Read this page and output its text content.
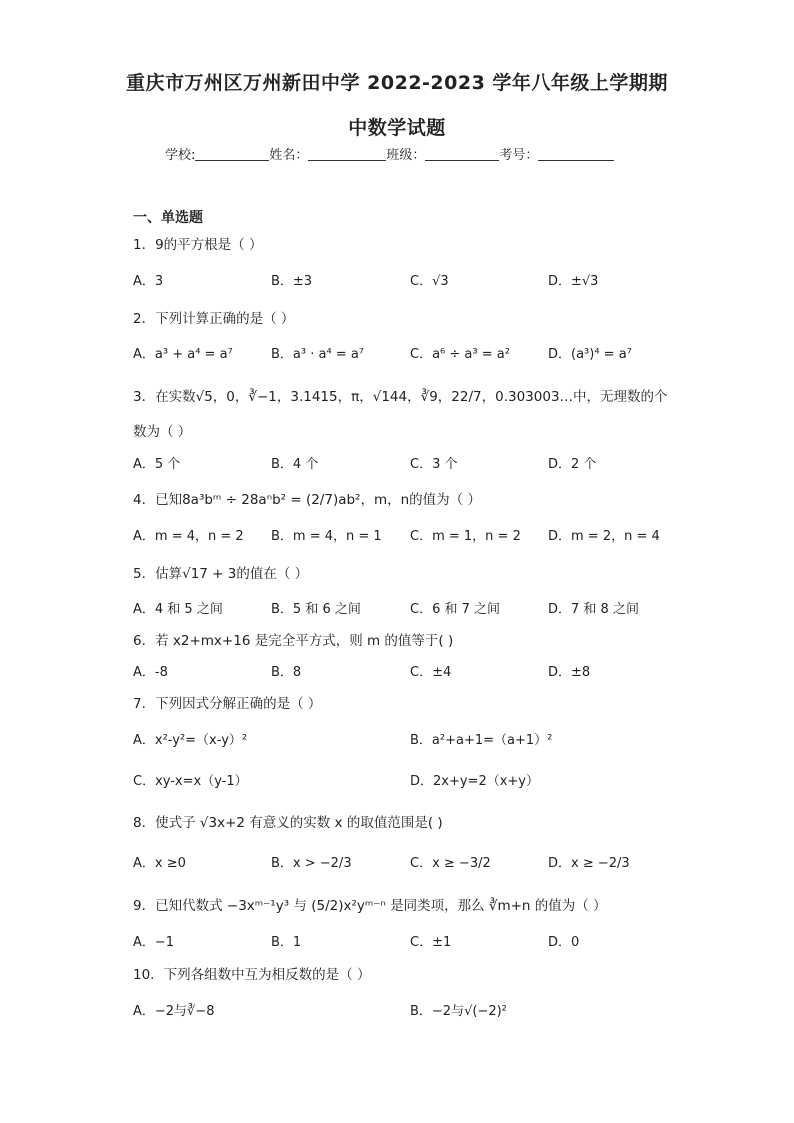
重庆市万州区万州新田中学 2022-2023 学年八年级上学期期
中数学试题
学校:	姓名：	班级：	考号：
一、单选题
1．9的平方根是（ ）
A．3	B．±3	C．√3	D．±√3
2．下列计算正确的是（ ）
A．a³ + a⁴ = a⁷	B．a³ · a⁴ = a⁷	C．a⁶ ÷ a³ = a²	D．(a³)⁴ = a⁷
3．在实数√5，0，∛−1，3.1415，π，√144，∛9，22/7，0.303003…中，无理数的个
数为（ ）
A．5 个	B．4 个	C．3 个	D．2 个
4．已知8a³bᵐ ÷ 28aⁿb² = (2/7)ab²，m，n的值为（ ）
A．m = 4，n = 2 B．m = 4，n = 1 C．m = 1，n = 2 D．m = 2，n = 4
5．估算√17 + 3的值在（ ）
A．4 和 5 之间	B．5 和 6 之间	C．6 和 7 之间	D．7 和 8 之间
6．若 x2+mx+16 是完全平方式，则 m 的值等于( )
A．-8	B．8	C．±4	D．±8
7．下列因式分解正确的是（ ）
A．x²-y²=（x-y）²	B．a²+a+1=（a+1）²
C．xy-x=x（y-1）	D．2x+y=2（x+y）
8．使式子 √3x+2 有意义的实数 x 的取值范围是( )
A．x ≥0	B．x > −2/3	C．x ≥ −3/2	D．x ≥ −2/3
9．已知代数式 −3xᵐ⁻¹y³ 与 (5/2)x²yᵐ⁻ⁿ 是同类项，那么 ∛m+n 的值为（ ）
A．−1	B．1	C．±1	D．0
10．下列各组数中互为相反数的是（ ）
A．−2与∛−8	B．−2与√(−2)²
